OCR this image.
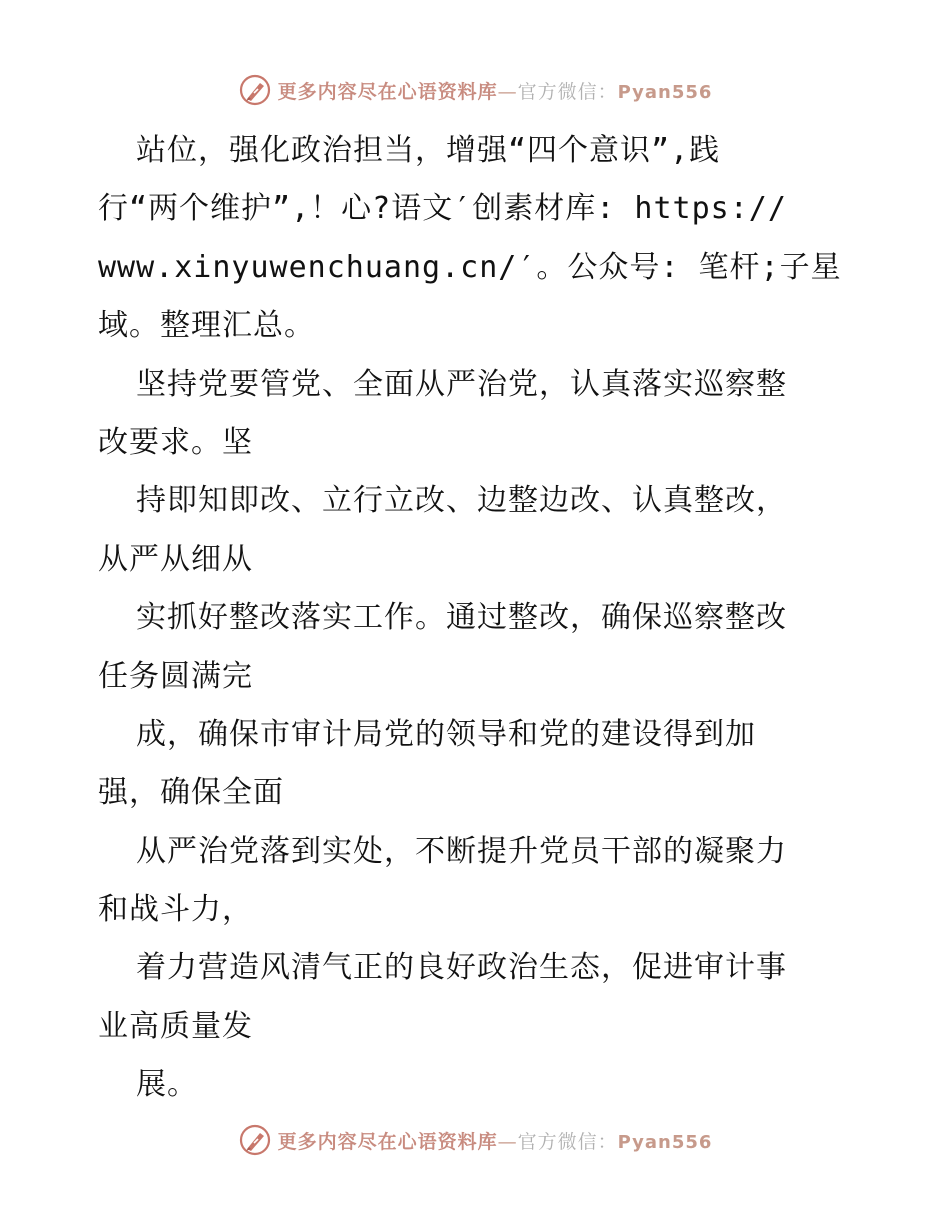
更多内容尽在心语资料库—官方微信：Pyan556
站位，强化政治担当，增强“四个意识”,践
行“两个维护”,！心?语文′创素材库: https://
www.xinyuwenchuang.cn/′。公众号: 笔杆;子星
域。整理汇总。
坚持党要管党、全面从严治党，认真落实巡察整
改要求。坚
持即知即改、立行立改、边整边改、认真整改，
从严从细从
实抓好整改落实工作。通过整改，确保巡察整改
任务圆满完
成，确保市审计局党的领导和党的建设得到加
强，确保全面
从严治党落到实处，不断提升党员干部的凝聚力
和战斗力，
着力营造风清气正的良好政治生态，促进审计事
业高质量发
展。
更多内容尽在心语资料库—官方微信：Pyan556
